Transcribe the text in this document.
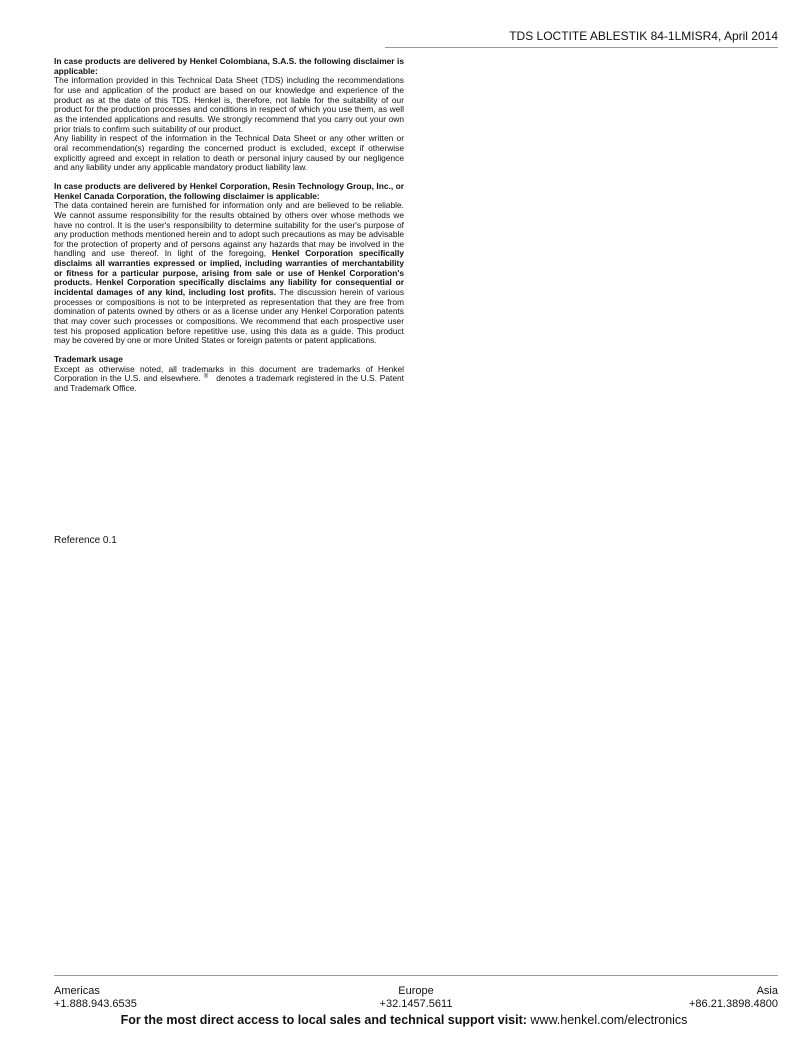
TDS LOCTITE ABLESTIK 84-1LMISR4, April 2014

In case products are delivered by Henkel Colombiana, S.A.S. the following disclaimer is applicable:

The information provided in this Technical Data Sheet (TDS) including the recommendations for use and application of the product are based on our knowledge and experience of the product as at the date of this TDS. Henkel is, therefore, not liable for the suitability of our product for the production processes and conditions in respect of which you use them, as well as the intended applications and results. We strongly recommend that you carry out your own prior trials to confirm such suitability of our product.

Any liability in respect of the information in the Technical Data Sheet or any other written or oral recommendation(s) regarding the concerned product is excluded, except if otherwise explicitly agreed and except in relation to death or personal injury caused by our negligence and any liability under any applicable mandatory product liability law.

In case products are delivered by Henkel Corporation, Resin Technology Group, Inc., or Henkel Canada Corporation, the following disclaimer is applicable:

The data contained herein are furnished for information only and are believed to be reliable. We cannot assume responsibility for the results obtained by others over whose methods we have no control. It is the user's responsibility to determine suitability for the user's purpose of any production methods mentioned herein and to adopt such precautions as may be advisable for the protection of property and of persons against any hazards that may be involved in the handling and use thereof. In light of the foregoing, Henkel Corporation specifically disclaims all warranties expressed or implied, including warranties of merchantability or fitness for a particular purpose, arising from sale or use of Henkel Corporation's products. Henkel Corporation specifically disclaims any liability for consequential or incidental damages of any kind, including lost profits. The discussion herein of various processes or compositions is not to be interpreted as representation that they are free from domination of patents owned by others or as a license under any Henkel Corporation patents that may cover such processes or compositions. We recommend that each prospective user test his proposed application before repetitive use, using this data as a guide. This product may be covered by one or more United States or foreign patents or patent applications.

Trademark usage

Except as otherwise noted, all trademarks in this document are trademarks of Henkel Corporation in the U.S. and elsewhere. ® denotes a trademark registered in the U.S. Patent and Trademark Office.

Reference 0.1
Americas
+1.888.943.6535
Europe
+32.1457.5611
Asia
+86.21.3898.4800
For the most direct access to local sales and technical support visit: www.henkel.com/electronics
